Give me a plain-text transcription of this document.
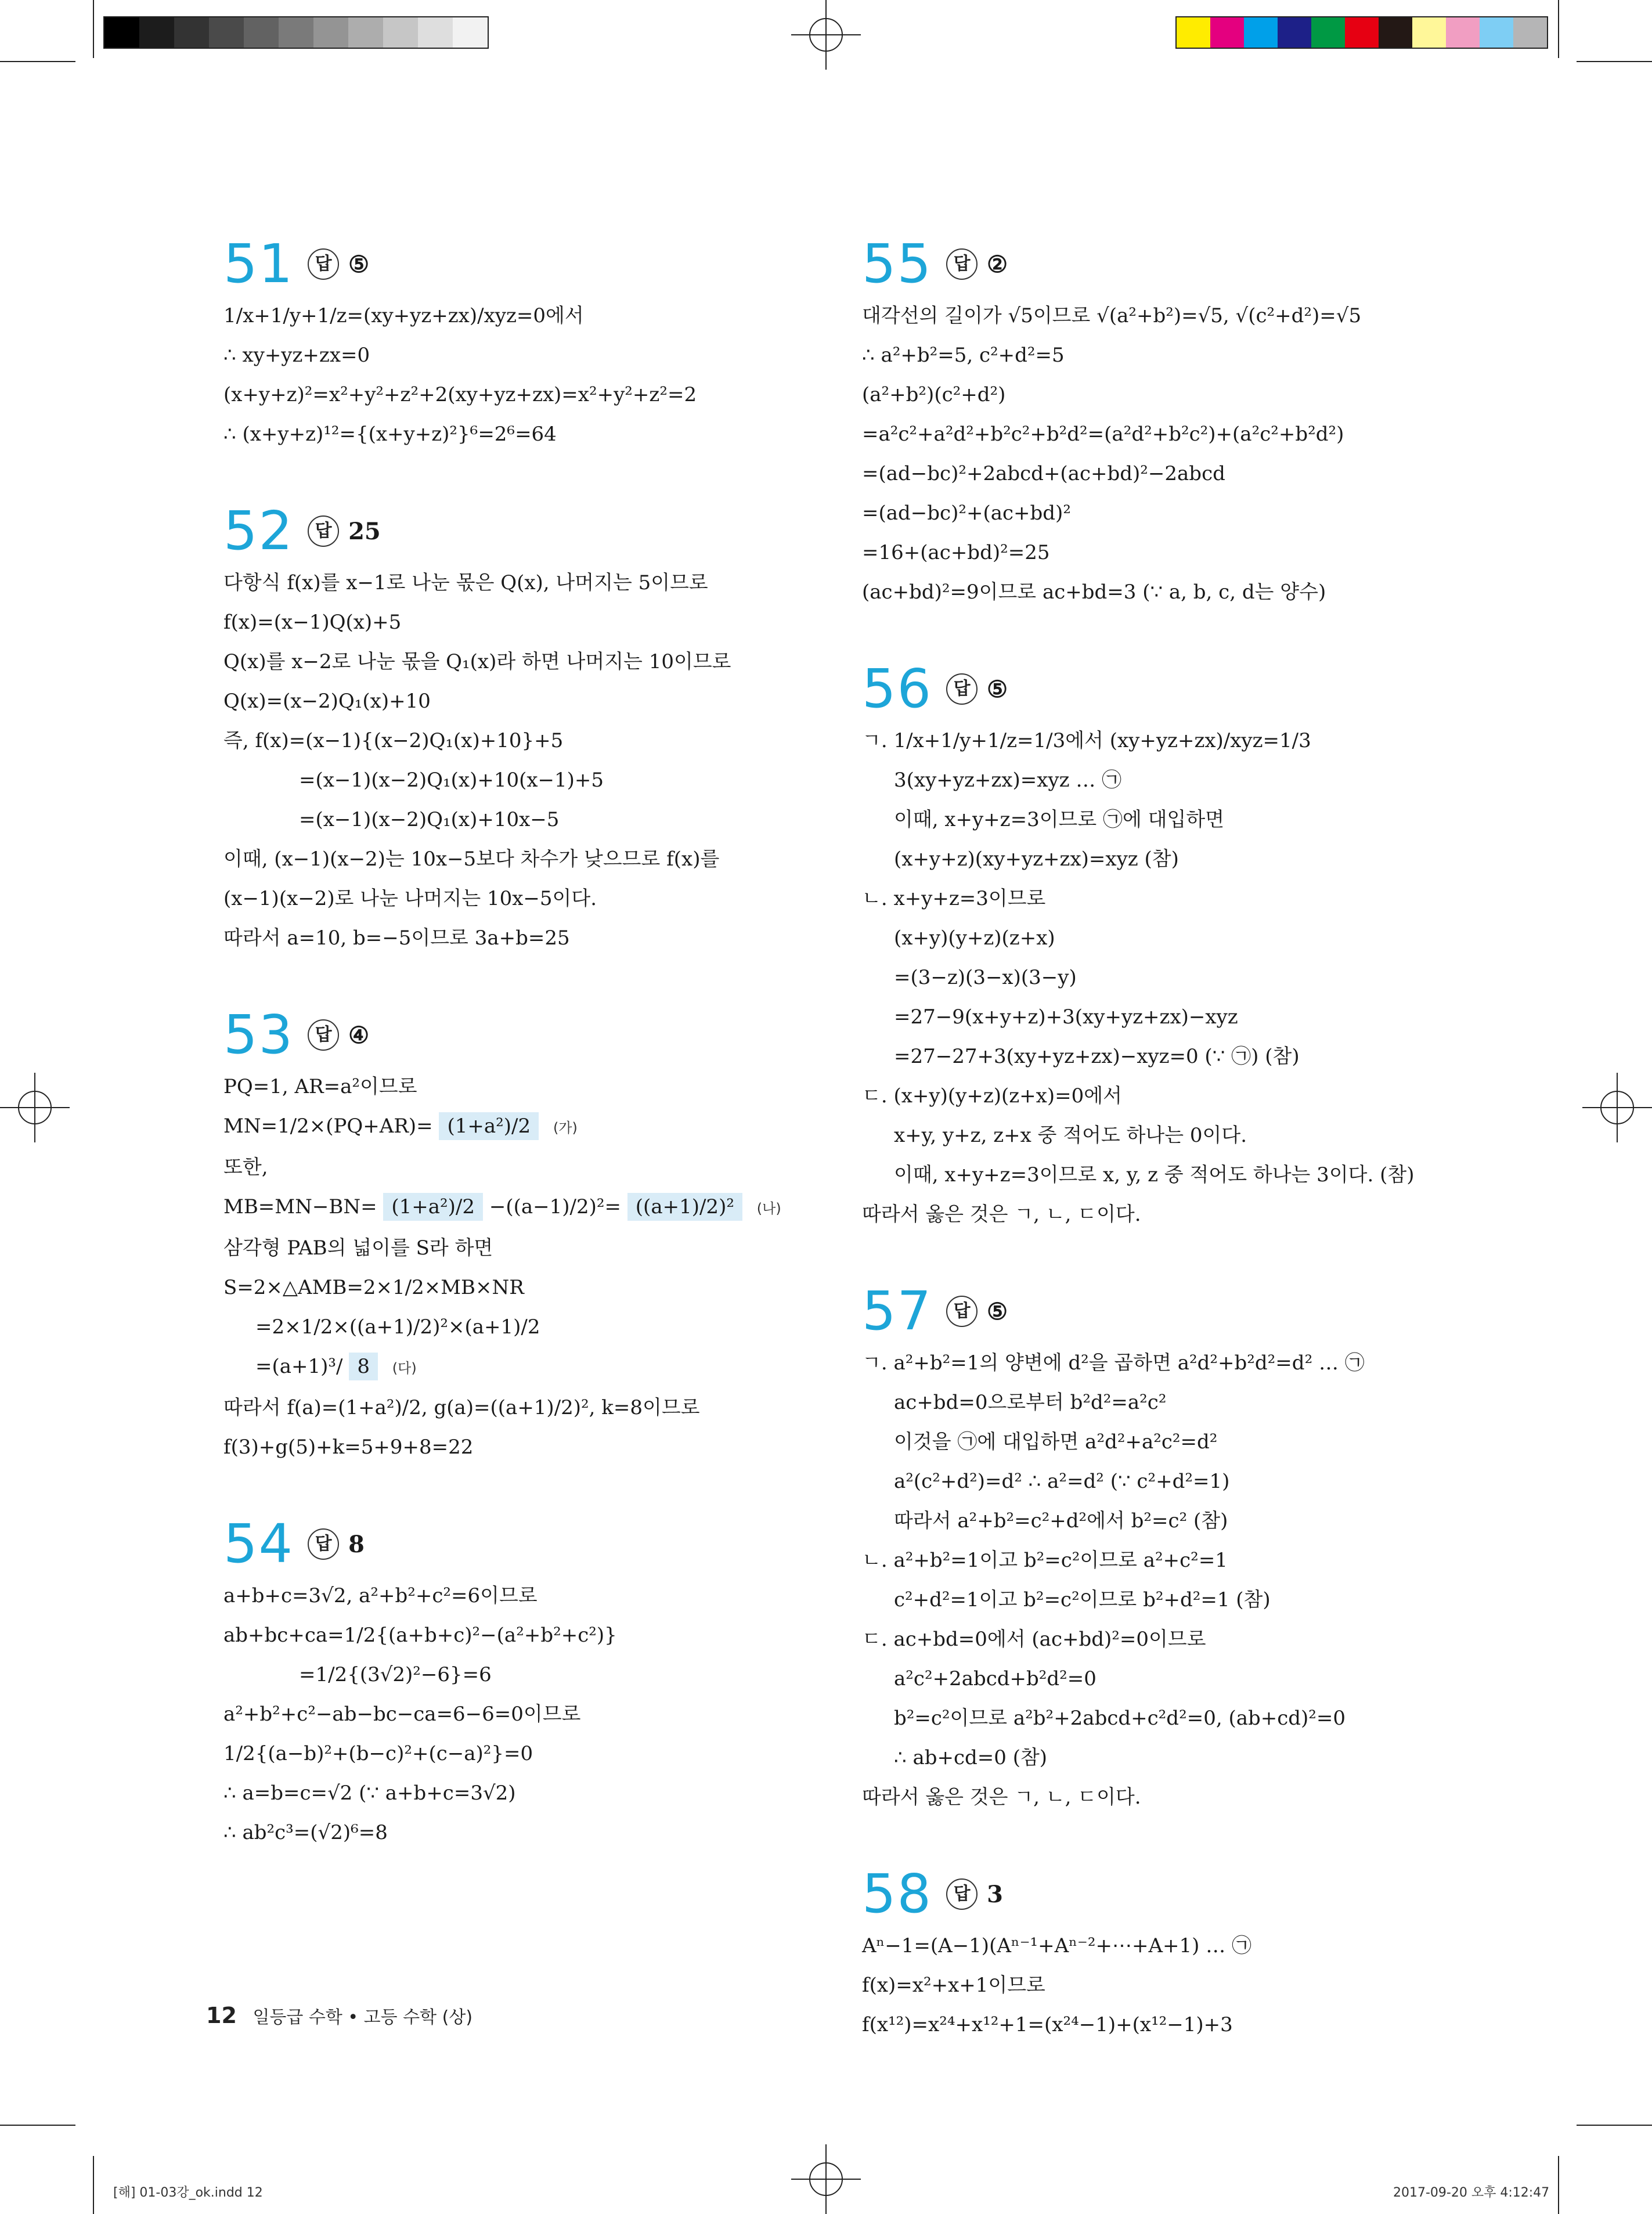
51	답 ⑤
1/x+1/y+1/z=(xy+yz+zx)/xyz=0에서
∴ xy+yz+zx=0
(x+y+z)²=x²+y²+z²+2(xy+yz+zx)=x²+y²+z²=2
∴ (x+y+z)¹²={(x+y+z)²}⁶=2⁶=64
52	답 25
다항식 f(x)를 x−1로 나눈 몫은 Q(x), 나머지는 5이므로
f(x)=(x−1)Q(x)+5
Q(x)를 x−2로 나눈 몫을 Q₁(x)라 하면 나머지는 10이므로
Q(x)=(x−2)Q₁(x)+10
즉, f(x)=(x−1){(x−2)Q₁(x)+10}+5
=(x−1)(x−2)Q₁(x)+10(x−1)+5
=(x−1)(x−2)Q₁(x)+10x−5
이때, (x−1)(x−2)는 10x−5보다 차수가 낮으므로 f(x)를
(x−1)(x−2)로 나눈 나머지는 10x−5이다.
따라서 a=10, b=−5이므로 3a+b=25
53	답 ④
PQ=1, AR=a²이므로
MN=1/2×(PQ+AR)= (1+a²)/2 (가)
또한,
MB=MN−BN= (1+a²)/2 −((a−1)/2)²= ((a+1)/2)² (나)
삼각형 PAB의 넓이를 S라 하면
S=2×△AMB=2×1/2×MB×NR
=2×1/2×((a+1)/2)²×(a+1)/2
=(a+1)³/ 8 (다)
따라서 f(a)=(1+a²)/2, g(a)=((a+1)/2)², k=8이므로
f(3)+g(5)+k=5+9+8=22
54	답 8
a+b+c=3√2, a²+b²+c²=6이므로
ab+bc+ca=1/2{(a+b+c)²−(a²+b²+c²)}
=1/2{(3√2)²−6}=6
a²+b²+c²−ab−bc−ca=6−6=0이므로
1/2{(a−b)²+(b−c)²+(c−a)²}=0
∴ a=b=c=√2 (∵ a+b+c=3√2)
∴ ab²c³=(√2)⁶=8
55	답 ②
대각선의 길이가 √5이므로 √(a²+b²)=√5, √(c²+d²)=√5
∴ a²+b²=5, c²+d²=5
(a²+b²)(c²+d²)
=a²c²+a²d²+b²c²+b²d²=(a²d²+b²c²)+(a²c²+b²d²)
=(ad−bc)²+2abcd+(ac+bd)²−2abcd
=(ad−bc)²+(ac+bd)²
=16+(ac+bd)²=25
(ac+bd)²=9이므로 ac+bd=3 (∵ a, b, c, d는 양수)
56	답 ⑤
ㄱ. 1/x+1/y+1/z=1/3에서 (xy+yz+zx)/xyz=1/3
3(xy+yz+zx)=xyz … ㉠
이때, x+y+z=3이므로 ㉠에 대입하면
(x+y+z)(xy+yz+zx)=xyz (참)
ㄴ. x+y+z=3이므로
(x+y)(y+z)(z+x)
=(3−z)(3−x)(3−y)
=27−9(x+y+z)+3(xy+yz+zx)−xyz
=27−27+3(xy+yz+zx)−xyz=0 (∵ ㉠) (참)
ㄷ. (x+y)(y+z)(z+x)=0에서
x+y, y+z, z+x 중 적어도 하나는 0이다.
이때, x+y+z=3이므로 x, y, z 중 적어도 하나는 3이다. (참)
따라서 옳은 것은 ㄱ, ㄴ, ㄷ이다.
57	답 ⑤
ㄱ. a²+b²=1의 양변에 d²을 곱하면 a²d²+b²d²=d² … ㉠
ac+bd=0으로부터 b²d²=a²c²
이것을 ㉠에 대입하면 a²d²+a²c²=d²
a²(c²+d²)=d² ∴ a²=d² (∵ c²+d²=1)
따라서 a²+b²=c²+d²에서 b²=c² (참)
ㄴ. a²+b²=1이고 b²=c²이므로 a²+c²=1
c²+d²=1이고 b²=c²이므로 b²+d²=1 (참)
ㄷ. ac+bd=0에서 (ac+bd)²=0이므로
a²c²+2abcd+b²d²=0
b²=c²이므로 a²b²+2abcd+c²d²=0, (ab+cd)²=0
∴ ab+cd=0 (참)
따라서 옳은 것은 ㄱ, ㄴ, ㄷ이다.
58	답 3
Aⁿ−1=(A−1)(Aⁿ⁻¹+Aⁿ⁻²+⋯+A+1) … ㉠
f(x)=x²+x+1이므로
f(x¹²)=x²⁴+x¹²+1=(x²⁴−1)+(x¹²−1)+3
12 일등급 수학 • 고등 수학 (상)
[해] 01-03강_ok.indd 12	2017-09-20 오후 4:12:47
